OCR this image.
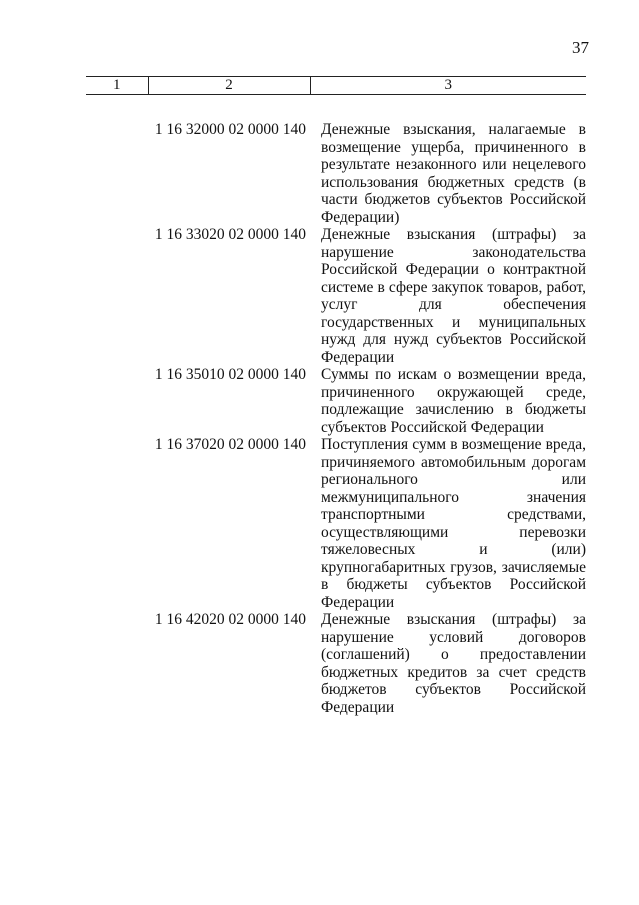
37
1	2	3
	1 16 32000 02 0000 140	Денежные взыскания, налагаемые в возмещение ущерба, причиненного в результате незаконного или нецелевого использования бюджетных средств (в части бюджетов субъектов Российской Федерации)
	1 16 33020 02 0000 140	Денежные взыскания (штрафы) за нарушение законодательства Российской Федерации о контрактной системе в сфере закупок товаров, работ, услуг для обеспечения государственных и муниципальных нужд для нужд субъектов Российской Федерации
	1 16 35010 02 0000 140	Суммы по искам о возмещении вреда, причиненного окружающей среде, подлежащие зачислению в бюджеты субъектов Российской Федерации
	1 16 37020 02 0000 140	Поступления сумм в возмещение вреда, причиняемого автомобильным дорогам регионального или межмуниципального значения транспортными средствами, осуществляющими перевозки тяжеловесных и (или) крупногабаритных грузов, зачисляемые в бюджеты субъектов Российской Федерации
	1 16 42020 02 0000 140	Денежные взыскания (штрафы) за нарушение условий договоров (соглашений) о предоставлении бюджетных кредитов за счет средств бюджетов субъектов Российской Федерации
